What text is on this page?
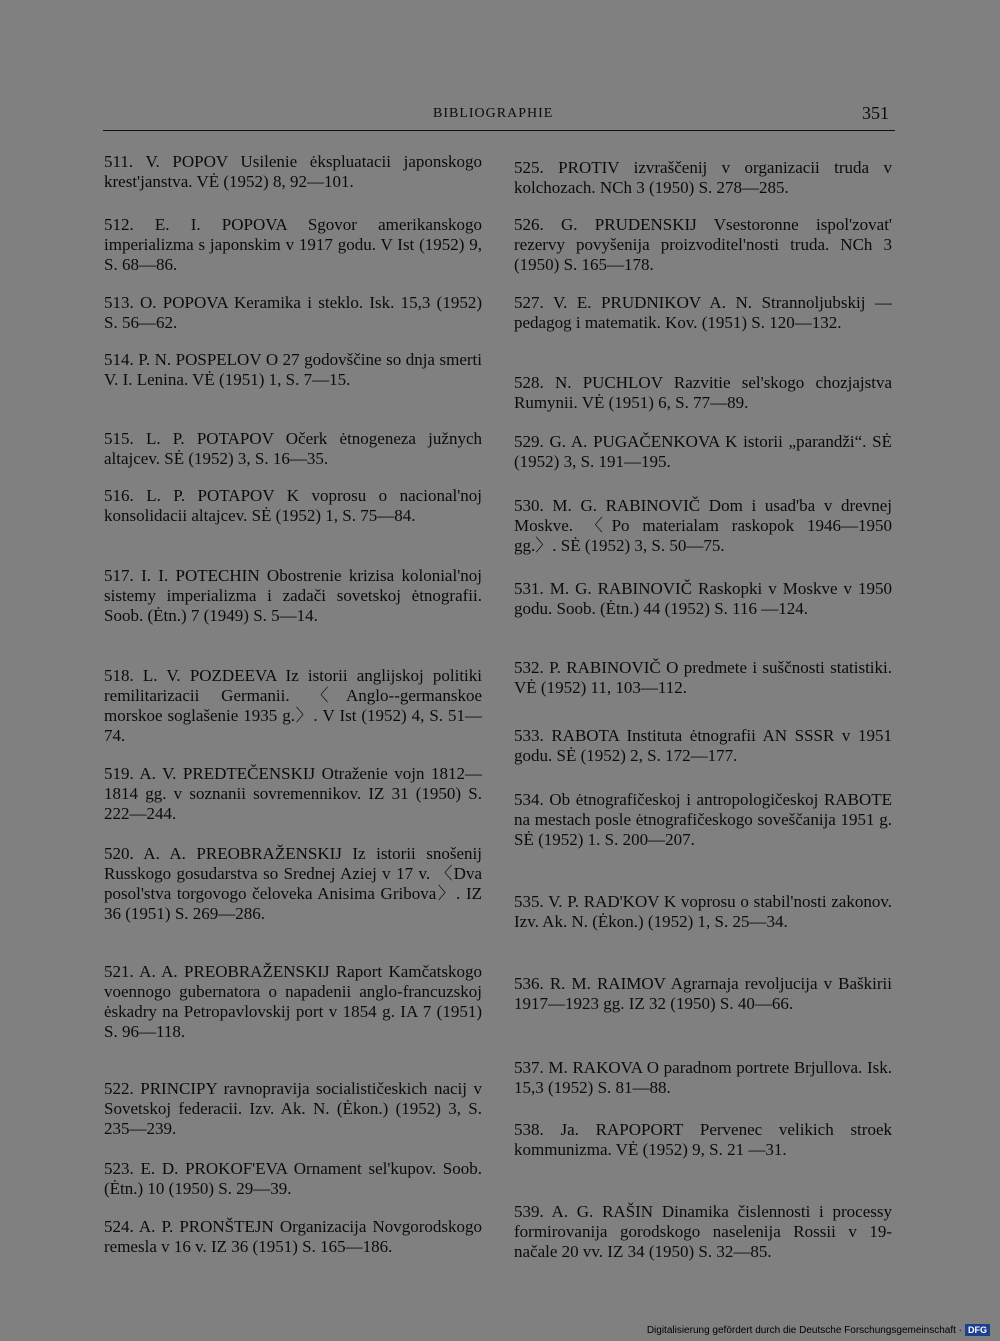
BIBLIOGRAPHIE	351
511. V. POPOV Usilenie ėkspluatacii japonskogo krest'janstva. VĖ (1952) 8, 92—101.
512. E. I. POPOVA Sgovor amerikanskogo imperializma s japonskim v 1917 godu. V Ist (1952) 9, S. 68—86.
513. O. POPOVA Keramika i steklo. Isk. 15,3 (1952) S. 56—62.
514. P. N. POSPELOV O 27 godovščine so dnja smerti V. I. Lenina. VĖ (1951) 1, S. 7—15.
515. L. P. POTAPOV Očerk ėtnogeneza južnych altajcev. SĖ (1952) 3, S. 16—35.
516. L. P. POTAPOV K voprosu o nacional'noj konsolidacii altajcev. SĖ (1952) 1, S. 75—84.
517. I. I. POTECHIN Obostrenie krizisa kolonial'noj sistemy imperializma i zadači sovetskoj ėtnografii. Soob. (Ėtn.) 7 (1949) S. 5—14.
518. L. V. POZDEEVA Iz istorii anglijskoj politiki remilitarizacii Germanii. 〈Anglo--germanskoe morskoe soglašenie 1935 g.〉. V Ist (1952) 4, S. 51—74.
519. A. V. PREDTEČENSKIJ Otraženie vojn 1812—1814 gg. v soznanii sovremennikov. IZ 31 (1950) S. 222—244.
520. A. A. PREOBRAŽENSKIJ Iz istorii snošenij Russkogo gosudarstva so Srednej Aziej v 17 v. 〈Dva posol'stva torgovogo čeloveka Anisima Gribova〉. IZ 36 (1951) S. 269—286.
521. A. A. PREOBRAŽENSKIJ Raport Kamčatskogo voennogo gubernatora o napadenii anglo-francuzskoj ėskadry na Petropavlovskij port v 1854 g. IA 7 (1951) S. 96—118.
522. PRINCIPY ravnopravija socialističeskich nacij v Sovetskoj federacii. Izv. Ak. N. (Ėkon.) (1952) 3, S. 235—239.
523. E. D. PROKOF'EVA Ornament sel'kupov. Soob. (Ėtn.) 10 (1950) S. 29—39.
524. A. P. PRONŠTEJN Organizacija Novgorodskogo remesla v 16 v. IZ 36 (1951) S. 165—186.
525. PROTIV izvraščenij v organizacii truda v kolchozach. NCh 3 (1950) S. 278—285.
526. G. PRUDENSKIJ Vsestoronne ispol'zovat' rezervy povyšenija proizvoditel'nosti truda. NCh 3 (1950) S. 165—178.
527. V. E. PRUDNIKOV A. N. Strannoljubskij — pedagog i matematik. Kov. (1951) S. 120—132.
528. N. PUCHLOV Razvitie sel'skogo chozjajstva Rumynii. VĖ (1951) 6, S. 77—89.
529. G. A. PUGAČENKOVA K istorii „parandži“. SĖ (1952) 3, S. 191—195.
530. M. G. RABINOVIČ Dom i usad'ba v drevnej Moskve. 〈Po materialam raskopok 1946—1950 gg.〉. SĖ (1952) 3, S. 50—75.
531. M. G. RABINOVIČ Raskopki v Moskve v 1950 godu. Soob. (Ėtn.) 44 (1952) S. 116 —124.
532. P. RABINOVIČ O predmete i suščnosti statistiki. VĖ (1952) 11, 103—112.
533. RABOTA Instituta ėtnografii AN SSSR v 1951 godu. SĖ (1952) 2, S. 172—177.
534. Ob ėtnografičeskoj i antropologičeskoj RABOTE na mestach posle ėtnografičeskogo soveščanija 1951 g. SĖ (1952) 1. S. 200—207.
535. V. P. RAD'KOV K voprosu o stabil'nosti zakonov. Izv. Ak. N. (Ėkon.) (1952) 1, S. 25—34.
536. R. M. RAIMOV Agrarnaja revoljucija v Baškirii 1917—1923 gg. IZ 32 (1950) S. 40—66.
537. M. RAKOVA O paradnom portrete Brjullova. Isk. 15,3 (1952) S. 81—88.
538. Ja. RAPOPORT Pervenec velikich stroek kommunizma. VĖ (1952) 9, S. 21 —31.
539. A. G. RAŠIN Dinamika čislennosti i processy formirovanija gorodskogo naselenija Rossii v 19-načale 20 vv. IZ 34 (1950) S. 32—85.
Digitalisierung gefördert durch die Deutsche Forschungsgemeinschaft · DFG
